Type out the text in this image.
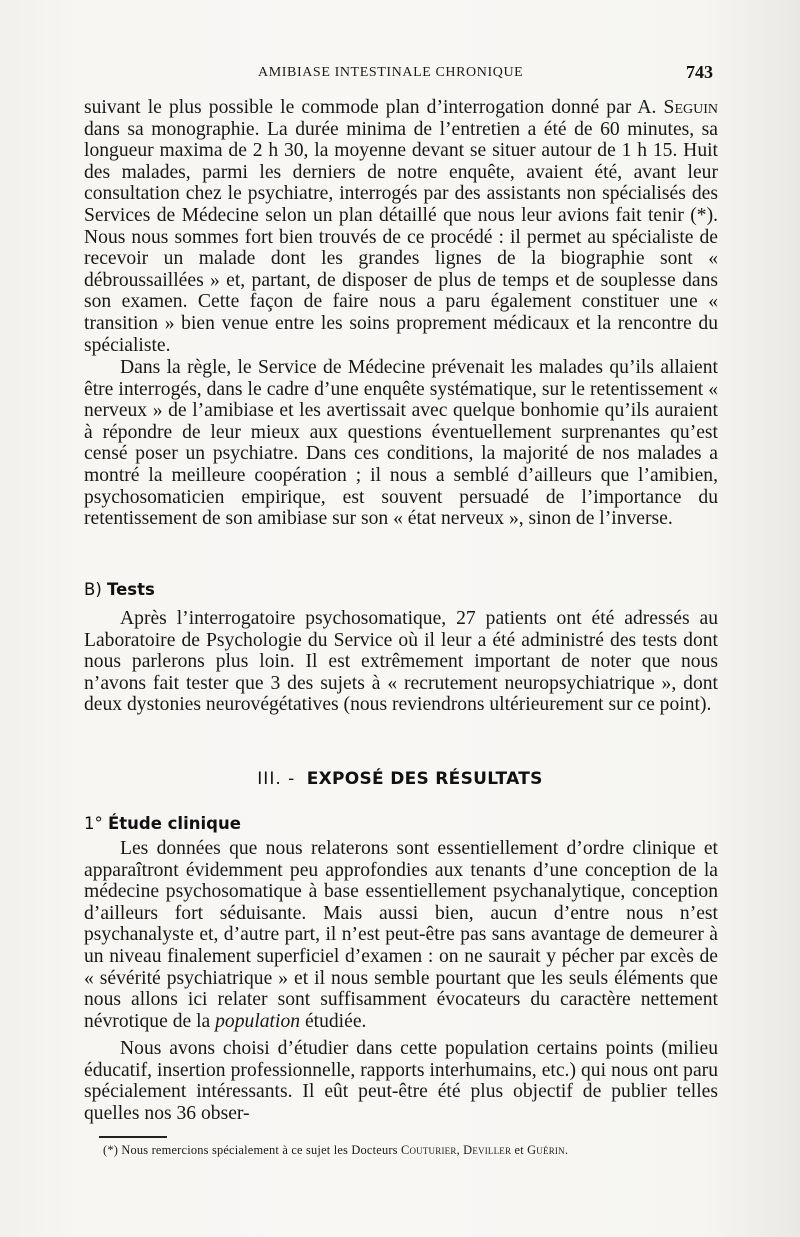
AMIBIASE INTESTINALE CHRONIQUE	743

suivant le plus possible le commode plan d’interrogation donné par A. Seguin dans sa monographie. La durée minima de l’entretien a été de 60 minutes, sa longueur maxima de 2 h 30, la moyenne devant se situer autour de 1 h 15. Huit des malades, parmi les derniers de notre enquête, avaient été, avant leur consultation chez le psychiatre, interrogés par des assistants non spécialisés des Services de Médecine selon un plan détaillé que nous leur avions fait tenir (*). Nous nous sommes fort bien trouvés de ce procédé : il permet au spécialiste de recevoir un malade dont les grandes lignes de la biographie sont « débroussaillées » et, partant, de disposer de plus de temps et de souplesse dans son examen. Cette façon de faire nous a paru également constituer une « transition » bien venue entre les soins proprement médicaux et la rencontre du spécialiste.

Dans la règle, le Service de Médecine prévenait les malades qu’ils allaient être interrogés, dans le cadre d’une enquête systématique, sur le retentissement « nerveux » de l’amibiase et les avertissait avec quelque bonhomie qu’ils auraient à répondre de leur mieux aux questions éventuellement surprenantes qu’est censé poser un psychiatre. Dans ces conditions, la majorité de nos malades a montré la meilleure coopération ; il nous a semblé d’ailleurs que l’amibien, psychosomaticien empirique, est souvent persuadé de l’importance du retentissement de son amibiase sur son « état nerveux », sinon de l’inverse.

B) Tests

Après l’interrogatoire psychosomatique, 27 patients ont été adressés au Laboratoire de Psychologie du Service où il leur a été administré des tests dont nous parlerons plus loin. Il est extrêmement important de noter que nous n’avons fait tester que 3 des sujets à « recrutement neuropsychiatrique », dont deux dystonies neurovégétatives (nous reviendrons ultérieurement sur ce point).

III. - EXPOSÉ DES RÉSULTATS
1° Étude clinique

Les données que nous relaterons sont essentiellement d’ordre clinique et apparaîtront évidemment peu approfondies aux tenants d’une conception de la médecine psychosomatique à base essentiellement psychanalytique, conception d’ailleurs fort séduisante. Mais aussi bien, aucun d’entre nous n’est psychanalyste et, d’autre part, il n’est peut-être pas sans avantage de demeurer à un niveau finalement superficiel d’examen : on ne saurait y pécher par excès de « sévérité psychiatrique » et il nous semble pourtant que les seuls éléments que nous allons ici relater sont suffisamment évocateurs du caractère nettement névrotique de la population étudiée.

Nous avons choisi d’étudier dans cette population certains points (milieu éducatif, insertion professionnelle, rapports interhumains, etc.) qui nous ont paru spécialement intéressants. Il eût peut-être été plus objectif de publier telles quelles nos 36 obser-

(*) Nous remercions spécialement à ce sujet les Docteurs Couturier, Deviller et Guérin.
